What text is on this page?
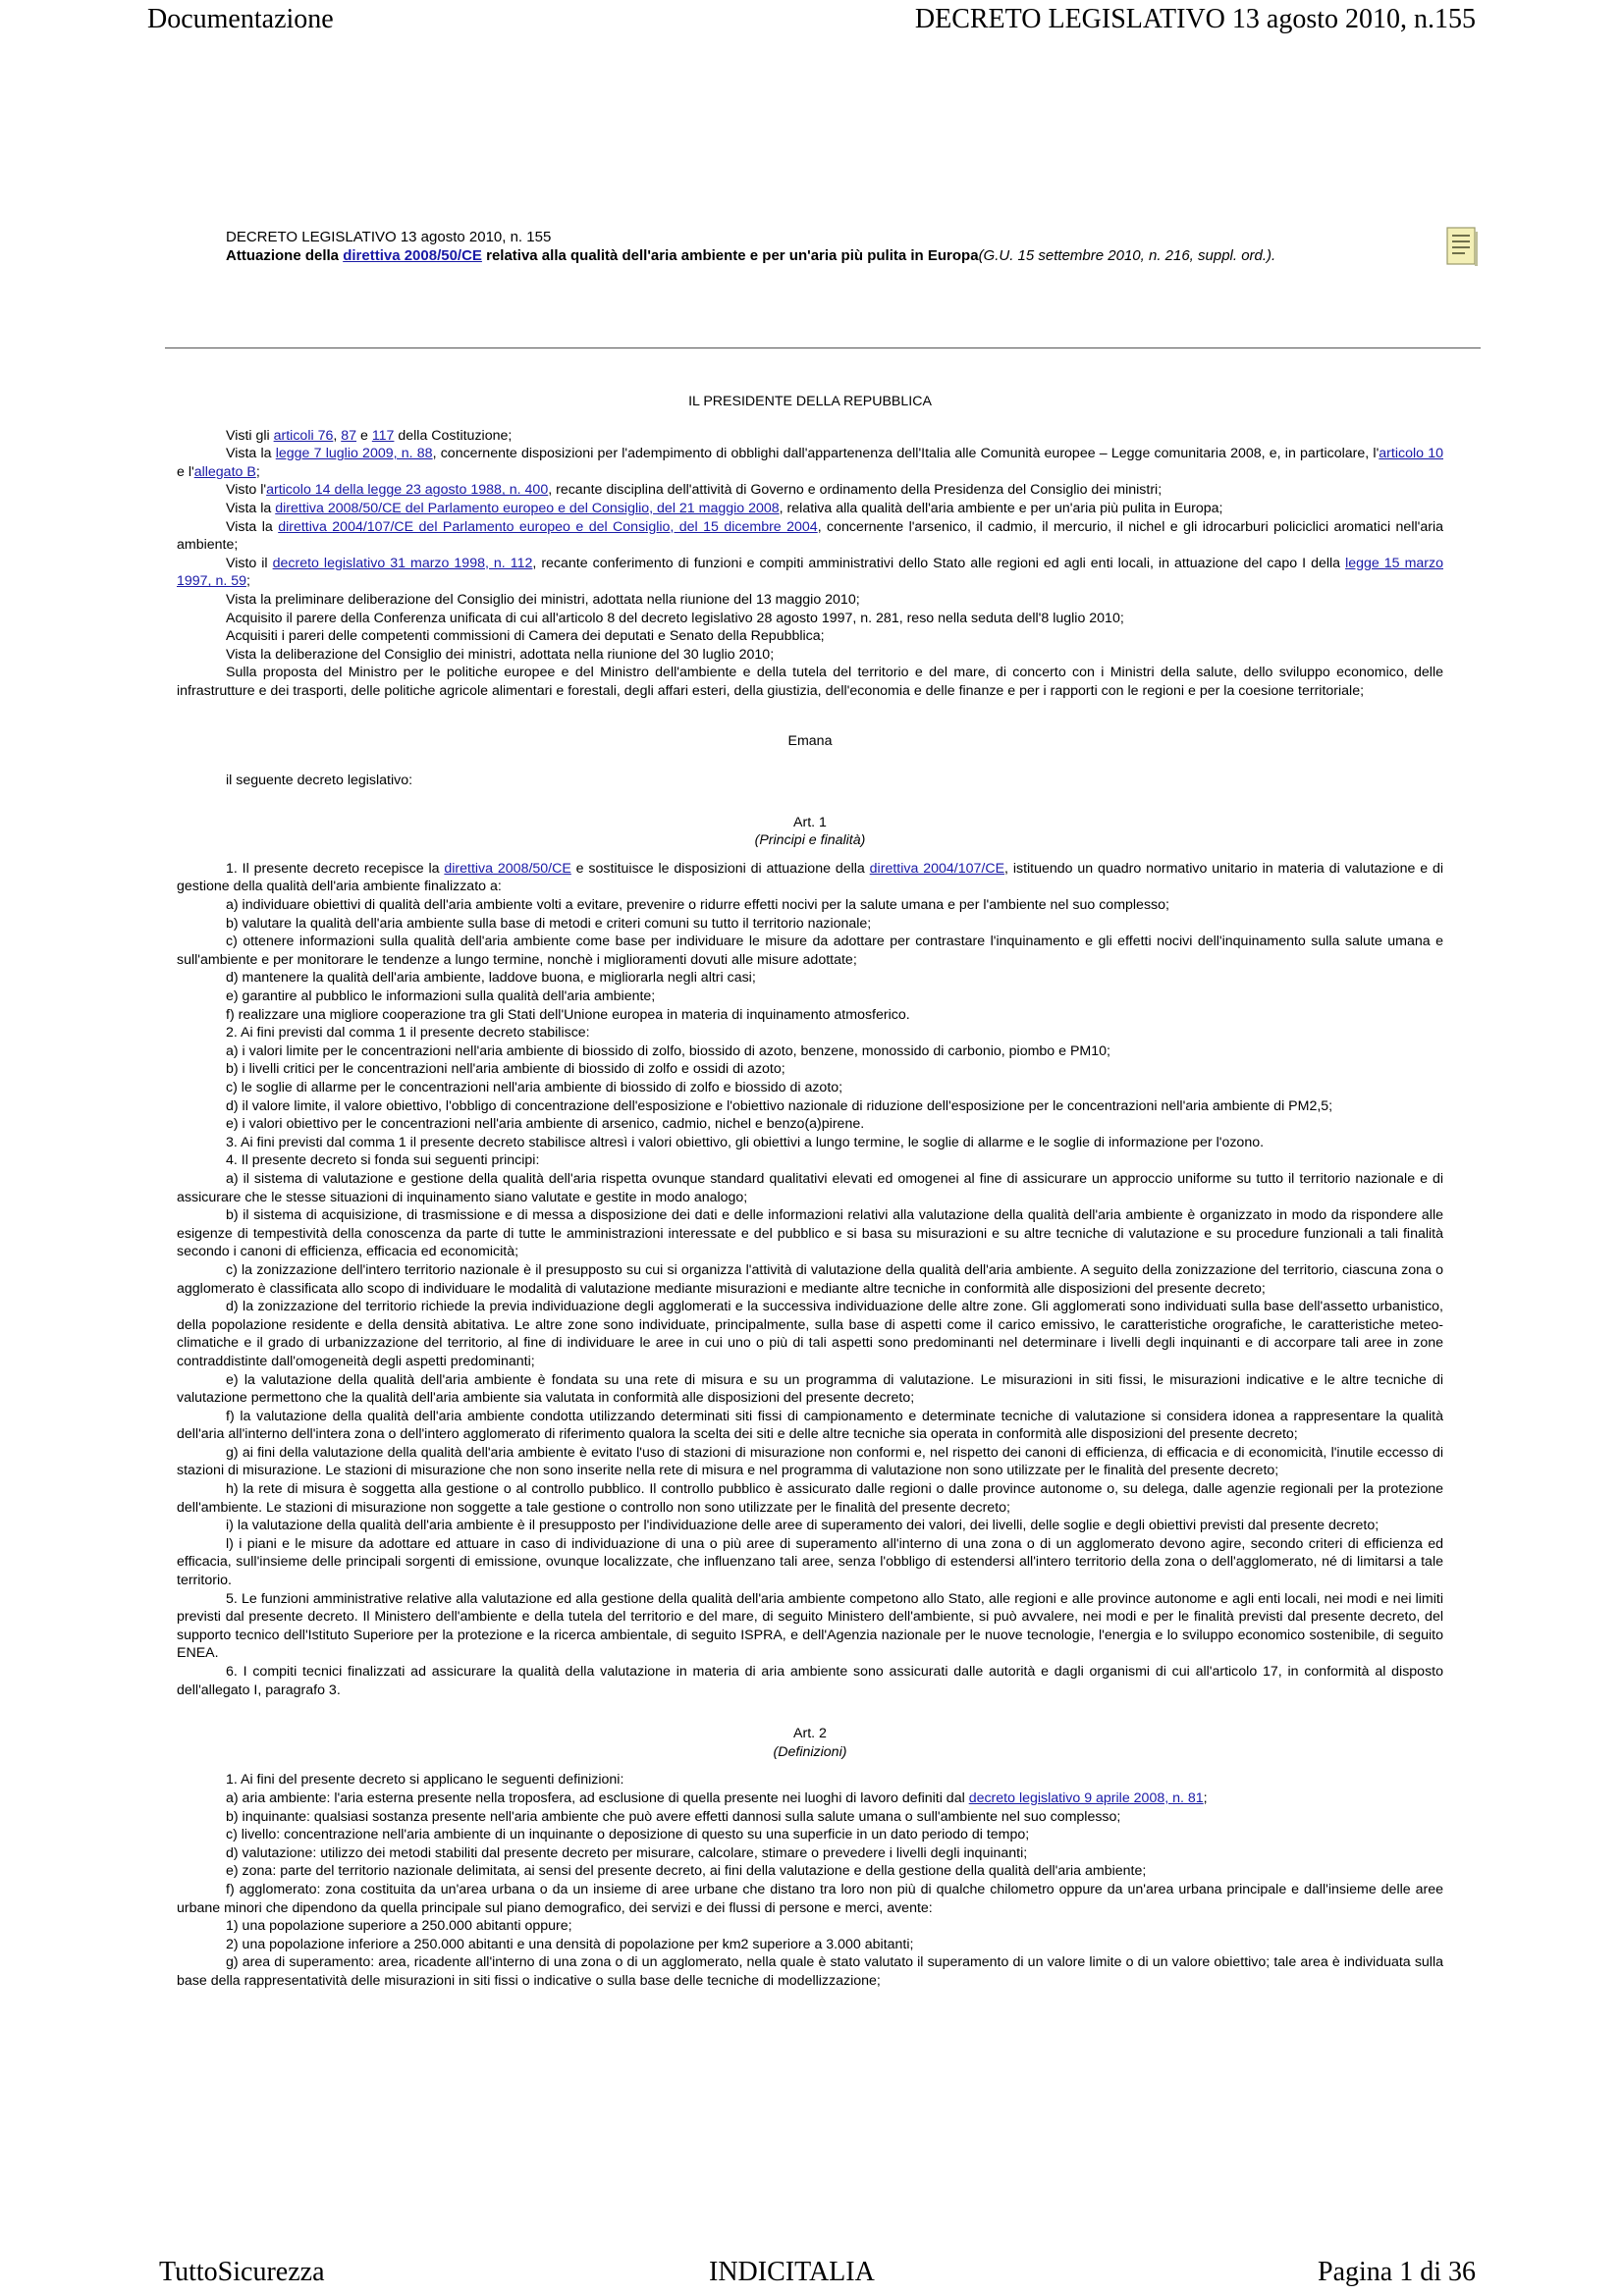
Documentazione	DECRETO LEGISLATIVO 13 agosto 2010, n.155
DECRETO LEGISLATIVO 13 agosto 2010, n. 155
Attuazione della direttiva 2008/50/CE relativa alla qualità dell'aria ambiente e per un'aria più pulita in Europa(G.U. 15 settembre 2010, n. 216, suppl. ord.).

IL PRESIDENTE DELLA REPUBBLICA

Visti gli articoli 76, 87 e 117 della Costituzione;

Vista la legge 7 luglio 2009, n. 88, concernente disposizioni per l'adempimento di obblighi dall'appartenenza dell'Italia alle Comunità europee – Legge comunitaria 2008, e, in particolare, l'articolo 10 e l'allegato B;

Visto l'articolo 14 della legge 23 agosto 1988, n. 400, recante disciplina dell'attività di Governo e ordinamento della Presidenza del Consiglio dei ministri;

Vista la direttiva 2008/50/CE del Parlamento europeo e del Consiglio, del 21 maggio 2008, relativa alla qualità dell'aria ambiente e per un'aria più pulita in Europa;

Vista la direttiva 2004/107/CE del Parlamento europeo e del Consiglio, del 15 dicembre 2004, concernente l'arsenico, il cadmio, il mercurio, il nichel e gli idrocarburi policiclici aromatici nell'aria ambiente;

Visto il decreto legislativo 31 marzo 1998, n. 112, recante conferimento di funzioni e compiti amministrativi dello Stato alle regioni ed agli enti locali, in attuazione del capo I della legge 15 marzo 1997, n. 59;

Vista la preliminare deliberazione del Consiglio dei ministri, adottata nella riunione del 13 maggio 2010;

Acquisito il parere della Conferenza unificata di cui all'articolo 8 del decreto legislativo 28 agosto 1997, n. 281, reso nella seduta dell'8 luglio 2010;

Acquisiti i pareri delle competenti commissioni di Camera dei deputati e Senato della Repubblica;

Vista la deliberazione del Consiglio dei ministri, adottata nella riunione del 30 luglio 2010;

Sulla proposta del Ministro per le politiche europee e del Ministro dell'ambiente e della tutela del territorio e del mare, di concerto con i Ministri della salute, dello sviluppo economico, delle infrastrutture e dei trasporti, delle politiche agricole alimentari e forestali, degli affari esteri, della giustizia, dell'economia e delle finanze e per i rapporti con le regioni e per la coesione territoriale;

Emana

il seguente decreto legislativo:

Art. 1

(Principi e finalità)

1. Il presente decreto recepisce la direttiva 2008/50/CE e sostituisce le disposizioni di attuazione della direttiva 2004/107/CE, istituendo un quadro normativo unitario in materia di valutazione e di gestione della qualità dell'aria ambiente finalizzato a:

a) individuare obiettivi di qualità dell'aria ambiente volti a evitare, prevenire o ridurre effetti nocivi per la salute umana e per l'ambiente nel suo complesso;

b) valutare la qualità dell'aria ambiente sulla base di metodi e criteri comuni su tutto il territorio nazionale;

c) ottenere informazioni sulla qualità dell'aria ambiente come base per individuare le misure da adottare per contrastare l'inquinamento e gli effetti nocivi dell'inquinamento sulla salute umana e sull'ambiente e per monitorare le tendenze a lungo termine, nonchè i miglioramenti dovuti alle misure adottate;

d) mantenere la qualità dell'aria ambiente, laddove buona, e migliorarla negli altri casi;

e) garantire al pubblico le informazioni sulla qualità dell'aria ambiente;

f) realizzare una migliore cooperazione tra gli Stati dell'Unione europea in materia di inquinamento atmosferico.

2. Ai fini previsti dal comma 1 il presente decreto stabilisce:

a) i valori limite per le concentrazioni nell'aria ambiente di biossido di zolfo, biossido di azoto, benzene, monossido di carbonio, piombo e PM10;

b) i livelli critici per le concentrazioni nell'aria ambiente di biossido di zolfo e ossidi di azoto;

c) le soglie di allarme per le concentrazioni nell'aria ambiente di biossido di zolfo e biossido di azoto;

d) il valore limite, il valore obiettivo, l'obbligo di concentrazione dell'esposizione e l'obiettivo nazionale di riduzione dell'esposizione per le concentrazioni nell'aria ambiente di PM2,5;

e) i valori obiettivo per le concentrazioni nell'aria ambiente di arsenico, cadmio, nichel e benzo(a)pirene.

3. Ai fini previsti dal comma 1 il presente decreto stabilisce altresì i valori obiettivo, gli obiettivi a lungo termine, le soglie di allarme e le soglie di informazione per l'ozono.

4. Il presente decreto si fonda sui seguenti principi:

a) il sistema di valutazione e gestione della qualità dell'aria rispetta ovunque standard qualitativi elevati ed omogenei al fine di assicurare un approccio uniforme su tutto il territorio nazionale e di assicurare che le stesse situazioni di inquinamento siano valutate e gestite in modo analogo;

b) il sistema di acquisizione, di trasmissione e di messa a disposizione dei dati e delle informazioni relativi alla valutazione della qualità dell'aria ambiente è organizzato in modo da rispondere alle esigenze di tempestività della conoscenza da parte di tutte le amministrazioni interessate e del pubblico e si basa su misurazioni e su altre tecniche di valutazione e su procedure funzionali a tali finalità secondo i canoni di efficienza, efficacia ed economicità;

c) la zonizzazione dell'intero territorio nazionale è il presupposto su cui si organizza l'attività di valutazione della qualità dell'aria ambiente. A seguito della zonizzazione del territorio, ciascuna zona o agglomerato è classificata allo scopo di individuare le modalità di valutazione mediante misurazioni e mediante altre tecniche in conformità alle disposizioni del presente decreto;

d) la zonizzazione del territorio richiede la previa individuazione degli agglomerati e la successiva individuazione delle altre zone. Gli agglomerati sono individuati sulla base dell'assetto urbanistico, della popolazione residente e della densità abitativa. Le altre zone sono individuate, principalmente, sulla base di aspetti come il carico emissivo, le caratteristiche orografiche, le caratteristiche meteo-climatiche e il grado di urbanizzazione del territorio, al fine di individuare le aree in cui uno o più di tali aspetti sono predominanti nel determinare i livelli degli inquinanti e di accorpare tali aree in zone contraddistinte dall'omogeneità degli aspetti predominanti;

e) la valutazione della qualità dell'aria ambiente è fondata su una rete di misura e su un programma di valutazione. Le misurazioni in siti fissi, le misurazioni indicative e le altre tecniche di valutazione permettono che la qualità dell'aria ambiente sia valutata in conformità alle disposizioni del presente decreto;

f) la valutazione della qualità dell'aria ambiente condotta utilizzando determinati siti fissi di campionamento e determinate tecniche di valutazione si considera idonea a rappresentare la qualità dell'aria all'interno dell'intera zona o dell'intero agglomerato di riferimento qualora la scelta dei siti e delle altre tecniche sia operata in conformità alle disposizioni del presente decreto;

g) ai fini della valutazione della qualità dell'aria ambiente è evitato l'uso di stazioni di misurazione non conformi e, nel rispetto dei canoni di efficienza, di efficacia e di economicità, l'inutile eccesso di stazioni di misurazione. Le stazioni di misurazione che non sono inserite nella rete di misura e nel programma di valutazione non sono utilizzate per le finalità del presente decreto;

h) la rete di misura è soggetta alla gestione o al controllo pubblico. Il controllo pubblico è assicurato dalle regioni o dalle province autonome o, su delega, dalle agenzie regionali per la protezione dell'ambiente. Le stazioni di misurazione non soggette a tale gestione o controllo non sono utilizzate per le finalità del presente decreto;

i) la valutazione della qualità dell'aria ambiente è il presupposto per l'individuazione delle aree di superamento dei valori, dei livelli, delle soglie e degli obiettivi previsti dal presente decreto;

l) i piani e le misure da adottare ed attuare in caso di individuazione di una o più aree di superamento all'interno di una zona o di un agglomerato devono agire, secondo criteri di efficienza ed efficacia, sull'insieme delle principali sorgenti di emissione, ovunque localizzate, che influenzano tali aree, senza l'obbligo di estendersi all'intero territorio della zona o dell'agglomerato, né di limitarsi a tale territorio.

5. Le funzioni amministrative relative alla valutazione ed alla gestione della qualità dell'aria ambiente competono allo Stato, alle regioni e alle province autonome e agli enti locali, nei modi e nei limiti previsti dal presente decreto. Il Ministero dell'ambiente e della tutela del territorio e del mare, di seguito Ministero dell'ambiente, si può avvalere, nei modi e per le finalità previsti dal presente decreto, del supporto tecnico dell'Istituto Superiore per la protezione e la ricerca ambientale, di seguito ISPRA, e dell'Agenzia nazionale per le nuove tecnologie, l'energia e lo sviluppo economico sostenibile, di seguito ENEA.

6. I compiti tecnici finalizzati ad assicurare la qualità della valutazione in materia di aria ambiente sono assicurati dalle autorità e dagli organismi di cui all'articolo 17, in conformità al disposto dell'allegato I, paragrafo 3.

Art. 2

(Definizioni)

1. Ai fini del presente decreto si applicano le seguenti definizioni:

a) aria ambiente: l'aria esterna presente nella troposfera, ad esclusione di quella presente nei luoghi di lavoro definiti dal decreto legislativo 9 aprile 2008, n. 81;

b) inquinante: qualsiasi sostanza presente nell'aria ambiente che può avere effetti dannosi sulla salute umana o sull'ambiente nel suo complesso;

c) livello: concentrazione nell'aria ambiente di un inquinante o deposizione di questo su una superficie in un dato periodo di tempo;

d) valutazione: utilizzo dei metodi stabiliti dal presente decreto per misurare, calcolare, stimare o prevedere i livelli degli inquinanti;

e) zona: parte del territorio nazionale delimitata, ai sensi del presente decreto, ai fini della valutazione e della gestione della qualità dell'aria ambiente;

f) agglomerato: zona costituita da un'area urbana o da un insieme di aree urbane che distano tra loro non più di qualche chilometro oppure da un'area urbana principale e dall'insieme delle aree urbane minori che dipendono da quella principale sul piano demografico, dei servizi e dei flussi di persone e merci, avente:

1) una popolazione superiore a 250.000 abitanti oppure;

2) una popolazione inferiore a 250.000 abitanti e una densità di popolazione per km2 superiore a 3.000 abitanti;

g) area di superamento: area, ricadente all'interno di una zona o di un agglomerato, nella quale è stato valutato il superamento di un valore limite o di un valore obiettivo; tale area è individuata sulla base della rappresentatività delle misurazioni in siti fissi o indicative o sulla base delle tecniche di modellizzazione;

TuttoSicurezza	INDICITALIA	Pagina 1 di 36
